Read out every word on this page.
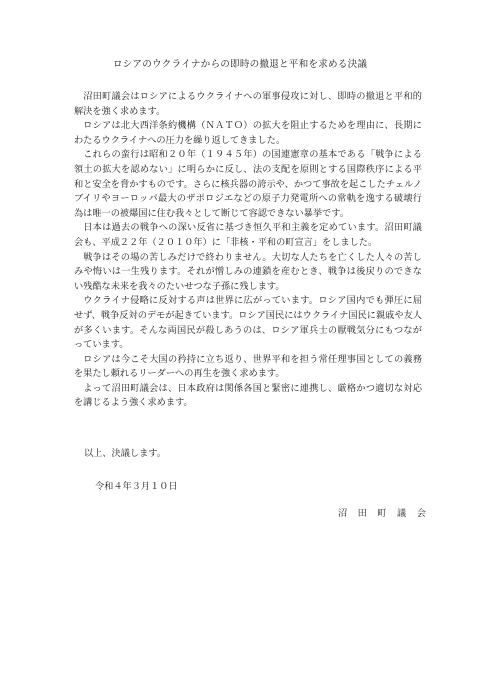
ロシアのウクライナからの即時の撤退と平和を求める決議

沼田町議会はロシアによるウクライナへの軍事侵攻に対し、即時の撤退と平和的解決を強く求めます。

ロシアは北大西洋条約機構（ＮＡＴＯ）の拡大を阻止するためを理由に、長期にわたるウクライナへの圧力を繰り返してきました。

これらの蛮行は昭和２０年（１９４５年）の国連憲章の基本である「戦争による領土の拡大を認めない」に明らかに反し、法の支配を原則とする国際秩序による平和と安全を脅かすものです。さらに核兵器の誇示や、かつて事故を起こしたチェルノブイリやヨーロッパ最大のザポロジエなどの原子力発電所への常軌を逸する破壊行為は唯一の被爆国に住む我々として断じて容認できない暴挙です。

日本は過去の戦争への深い反省に基づき恒久平和主義を定めています。沼田町議会も、平成２２年（２０１０年）に「非核・平和の町宣言」をしました。

戦争はその場の苦しみだけで終わりません。大切な人たちを亡くした人々の苦しみや悔いは一生残ります。それが憎しみの連鎖を産むとき、戦争は後戻りのできない残酷な未来を我々のたいせつな子孫に残します。

ウクライナ侵略に反対する声は世界に広がっています。ロシア国内でも弾圧に屈せず、戦争反対のデモが起きています。ロシア国民にはウクライナ国民に親戚や友人が多くいます。そんな両国民が殺しあうのは、ロシア軍兵士の厭戦気分にもつながっています。

ロシアは今こそ大国の矜持に立ち返り、世界平和を担う常任理事国としての義務を果たし頼れるリーダーへの再生を強く求めます。

よって沼田町議会は、日本政府は関係各国と緊密に連携し、厳格かつ適切な対応を講じるよう強く求めます。

以上、決議します。

令和４年３月１０日

沼田町議会
